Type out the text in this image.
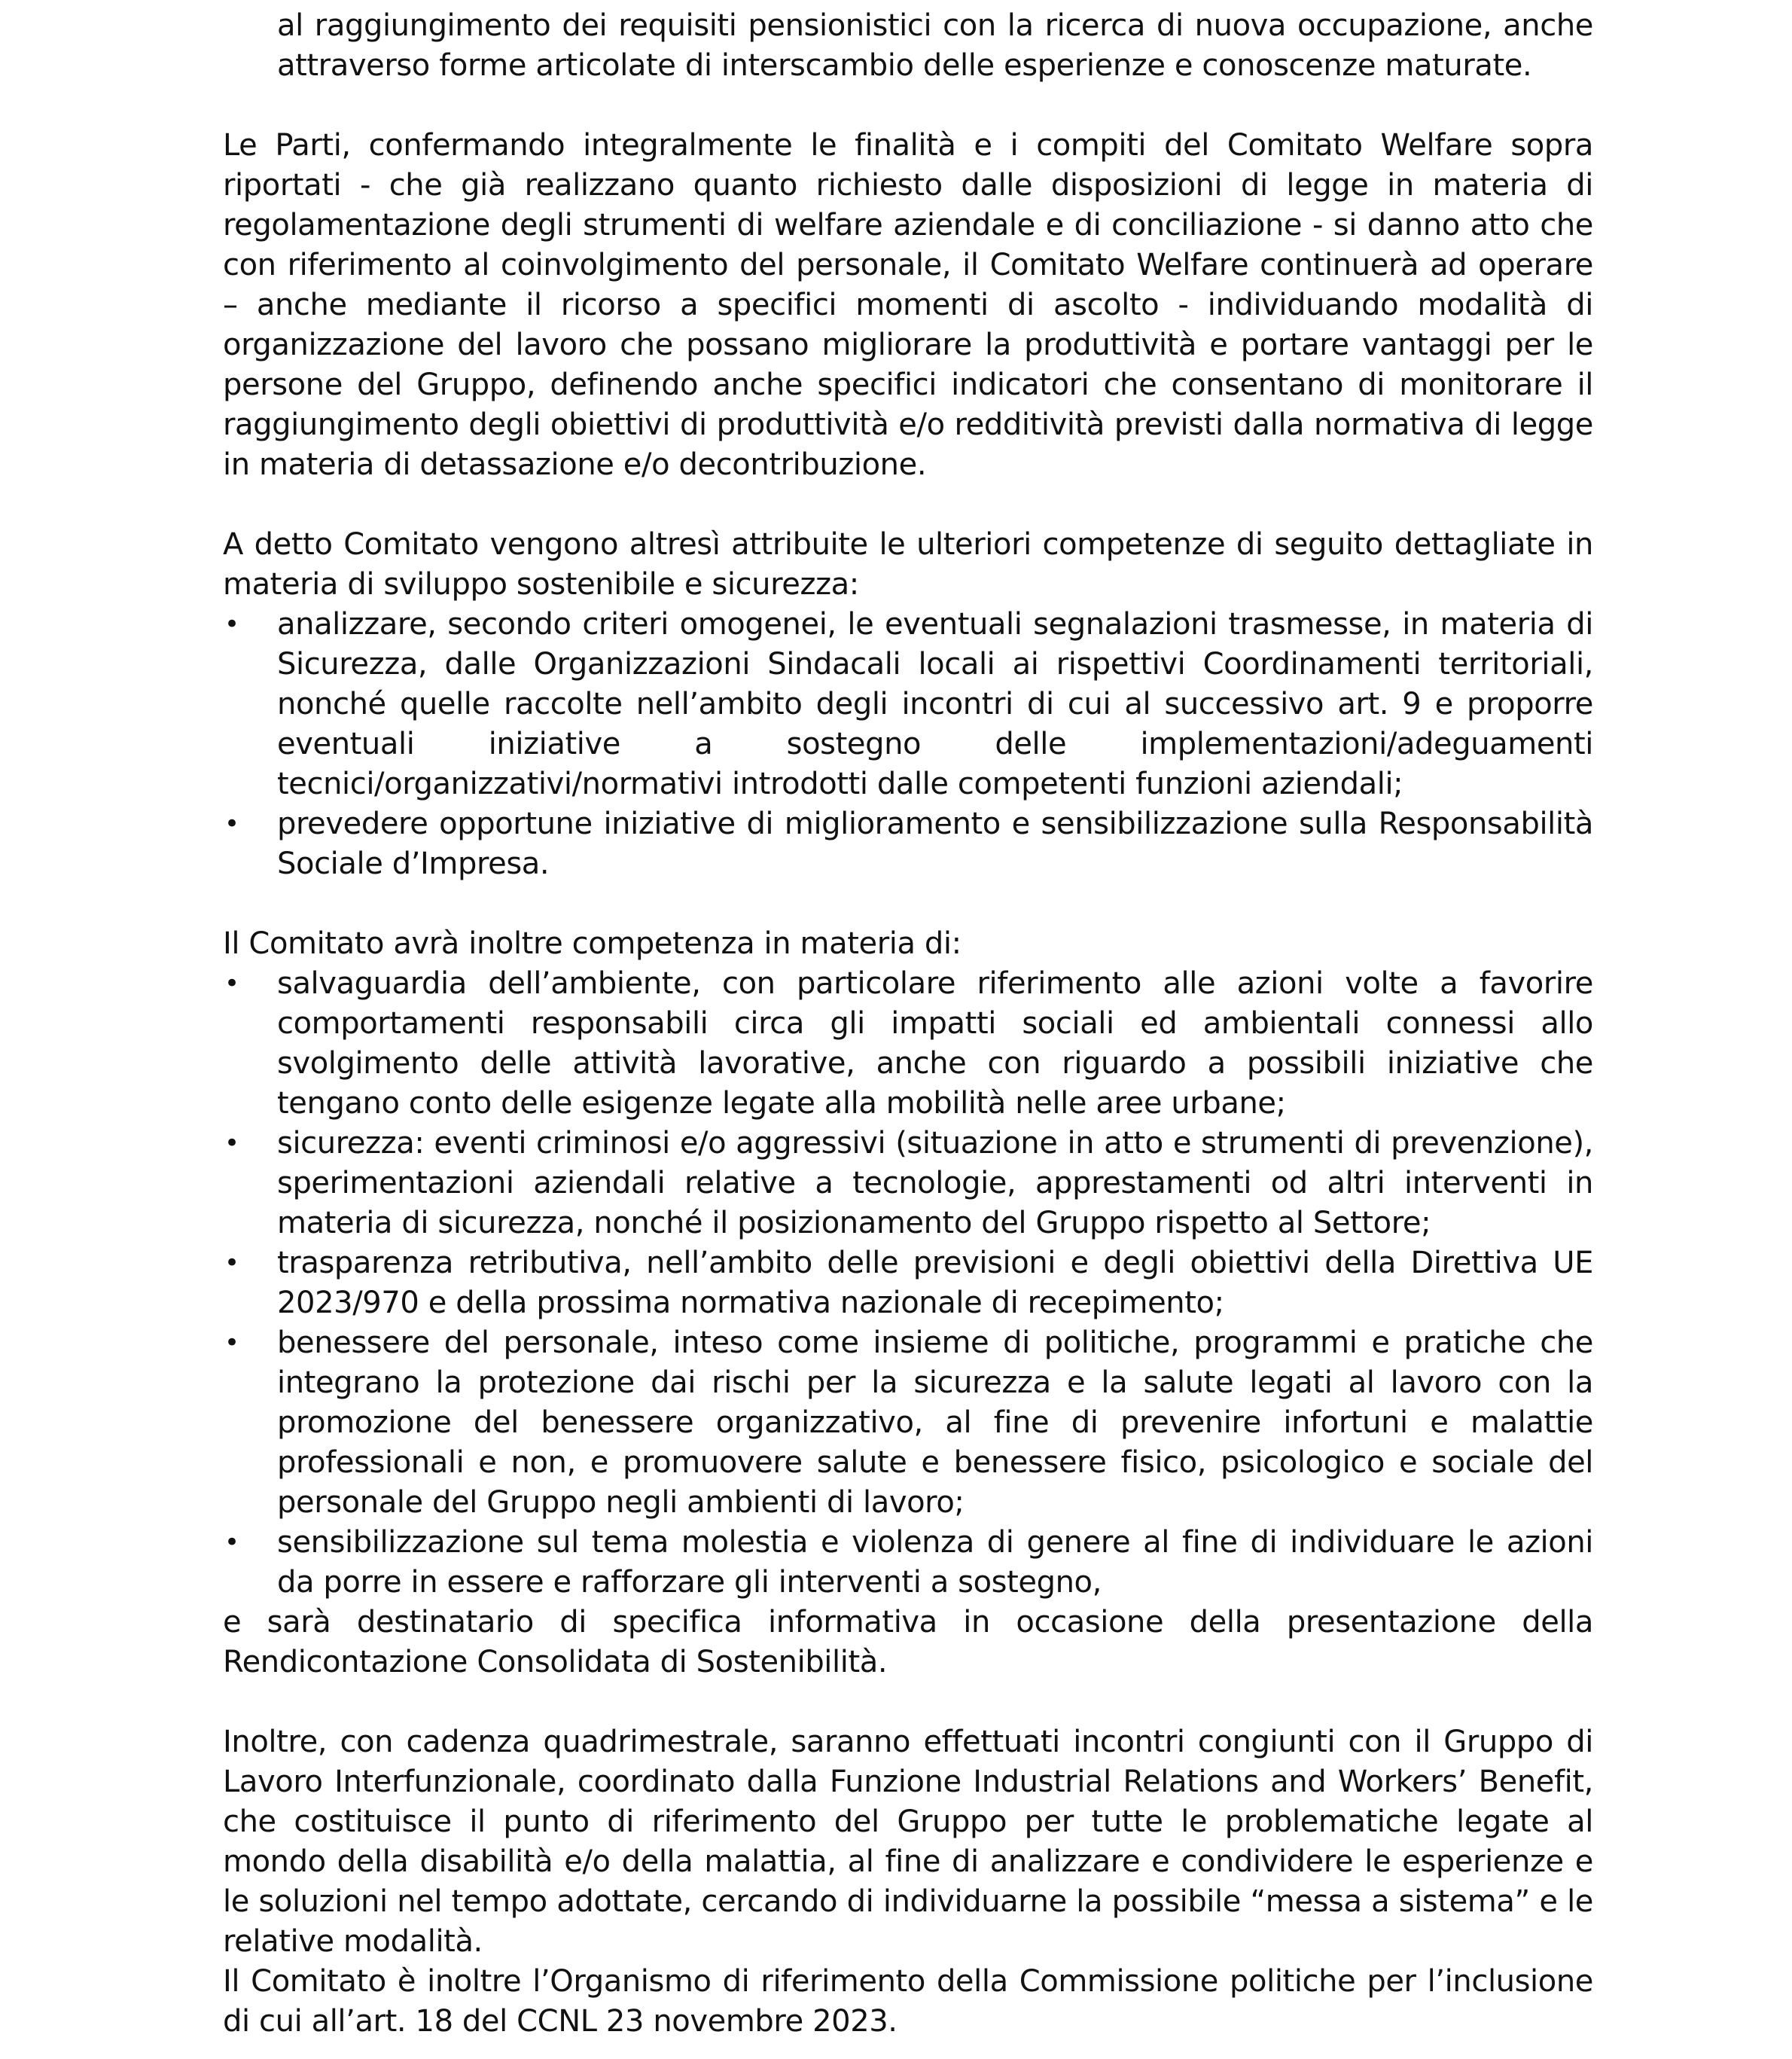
al raggiungimento dei requisiti pensionistici con la ricerca di nuova occupazione, anche attraverso forme articolate di interscambio delle esperienze e conoscenze maturate.

Le Parti, confermando integralmente le finalità e i compiti del Comitato Welfare sopra riportati - che già realizzano quanto richiesto dalle disposizioni di legge in materia di regolamentazione degli strumenti di welfare aziendale e di conciliazione - si danno atto che con riferimento al coinvolgimento del personale, il Comitato Welfare continuerà ad operare – anche mediante il ricorso a specifici momenti di ascolto - individuando modalità di organizzazione del lavoro che possano migliorare la produttività e portare vantaggi per le persone del Gruppo, definendo anche specifici indicatori che consentano di monitorare il raggiungimento degli obiettivi di produttività e/o redditività previsti dalla normativa di legge in materia di detassazione e/o decontribuzione.

A detto Comitato vengono altresì attribuite le ulteriori competenze di seguito dettagliate in materia di sviluppo sostenibile e sicurezza:

•	analizzare, secondo criteri omogenei, le eventuali segnalazioni trasmesse, in materia di Sicurezza, dalle Organizzazioni Sindacali locali ai rispettivi Coordinamenti territoriali, nonché quelle raccolte nell’ambito degli incontri di cui al successivo art. 9 e proporre eventuali iniziative a sostegno delle implementazioni/adeguamenti tecnici/organizzativi/normativi introdotti dalle competenti funzioni aziendali;
•	prevedere opportune iniziative di miglioramento e sensibilizzazione sulla Responsabilità Sociale d’Impresa.

Il Comitato avrà inoltre competenza in materia di:

•	salvaguardia dell’ambiente, con particolare riferimento alle azioni volte a favorire comportamenti responsabili circa gli impatti sociali ed ambientali connessi allo svolgimento delle attività lavorative, anche con riguardo a possibili iniziative che tengano conto delle esigenze legate alla mobilità nelle aree urbane;
•	sicurezza: eventi criminosi e/o aggressivi (situazione in atto e strumenti di prevenzione), sperimentazioni aziendali relative a tecnologie, apprestamenti od altri interventi in materia di sicurezza, nonché il posizionamento del Gruppo rispetto al Settore;
•	trasparenza retributiva, nell’ambito delle previsioni e degli obiettivi della Direttiva UE 2023/970 e della prossima normativa nazionale di recepimento;
•	benessere del personale, inteso come insieme di politiche, programmi e pratiche che integrano la protezione dai rischi per la sicurezza e la salute legati al lavoro con la promozione del benessere organizzativo, al fine di prevenire infortuni e malattie professionali e non, e promuovere salute e benessere fisico, psicologico e sociale del personale del Gruppo negli ambienti di lavoro;
•	sensibilizzazione sul tema molestia e violenza di genere al fine di individuare le azioni da porre in essere e rafforzare gli interventi a sostegno,

e sarà destinatario di specifica informativa in occasione della presentazione della Rendicontazione Consolidata di Sostenibilità.

Inoltre, con cadenza quadrimestrale, saranno effettuati incontri congiunti con il Gruppo di Lavoro Interfunzionale, coordinato dalla Funzione Industrial Relations and Workers’ Benefit, che costituisce il punto di riferimento del Gruppo per tutte le problematiche legate al mondo della disabilità e/o della malattia, al fine di analizzare e condividere le esperienze e le soluzioni nel tempo adottate, cercando di individuarne la possibile “messa a sistema” e le relative modalità.

Il Comitato è inoltre l’Organismo di riferimento della Commissione politiche per l’inclusione di cui all’art. 18 del CCNL 23 novembre 2023.
